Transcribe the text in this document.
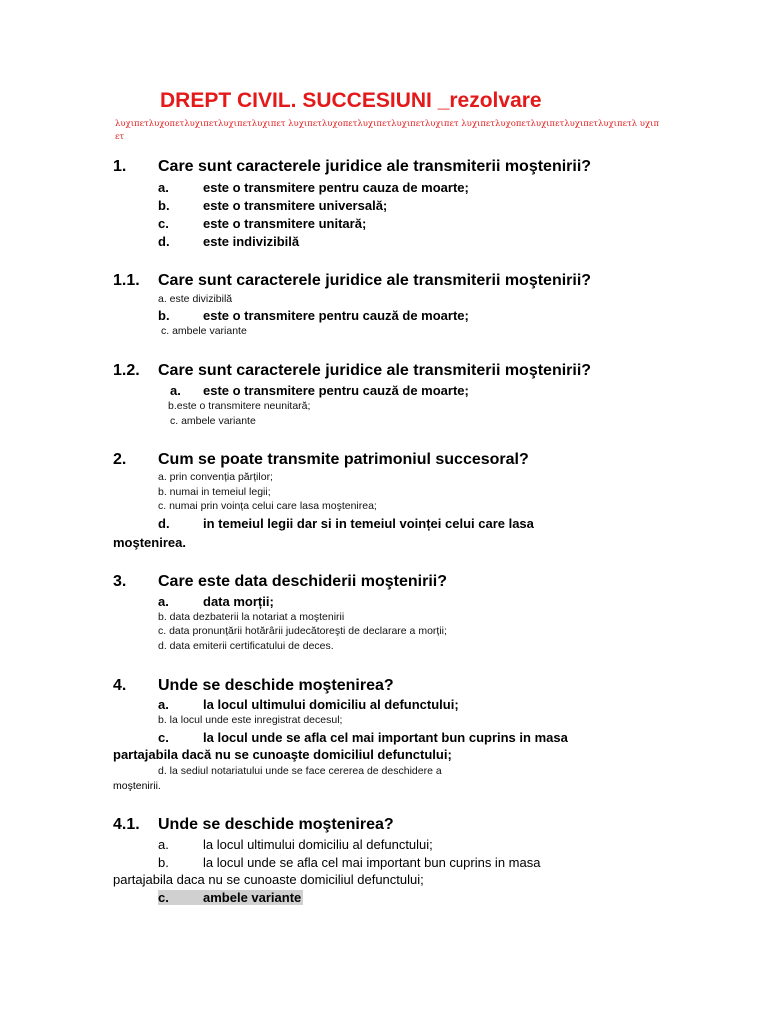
DREPT CIVIL. SUCCESIUNI _rezolvare
λυχιπετλυχοπετλυχιπετλυχιπετλυχιπετ λυχιπετλυχοπετλυχιπετλυχιπετλυχιπετ λυχιπετλυχοπετλυχιπετλυχιπετλυχιπετλ υχιπετ
1. Care sunt caracterele juridice ale transmiterii moştenirii?
a.	este o transmitere pentru cauza de moarte;
b.	este o transmitere universală;
c.	este o transmitere unitară;
d.	este indivizibilă
1.1. Care sunt caracterele juridice ale transmiterii moştenirii?
a. este divizibilă
b.	este o transmitere pentru cauză de moarte;
c. ambele variante
1.2. Care sunt caracterele juridice ale transmiterii moştenirii?
a. este o transmitere pentru cauză de moarte;
b.este o transmitere neunitară;
c. ambele variante
2. Cum se poate transmite patrimoniul succesoral?
a. prin convenția părților;
b. numai in temeiul legii;
c. numai prin voința celui care lasa moştenirea;
d.	in temeiul legii dar si in temeiul voinței celui care lasa
moştenirea.
3. Care este data deschiderii moştenirii?
a.	data morții;
b. data dezbaterii la notariat a moştenirii
c. data pronunțării hotărârii judecătoreşti de declarare a morții;
d. data emiterii certificatului de deces.
4. Unde se deschide moştenirea?
a.	la locul ultimului domiciliu al defunctului;
b. la locul unde este inregistrat decesul;
c.	la locul unde se afla cel mai important bun cuprins in masa
partajabila dacă nu se cunoaşte domiciliul defunctului;
d. la sediul notariatului unde se face cererea de deschidere a
moştenirii.
4.1. Unde se deschide moştenirea?
a.	la locul ultimului domiciliu al defunctului;
b.	la locul unde se afla cel mai important bun cuprins in masa
partajabila daca nu se cunoaste domiciliul defunctului;
c.	ambele variante
